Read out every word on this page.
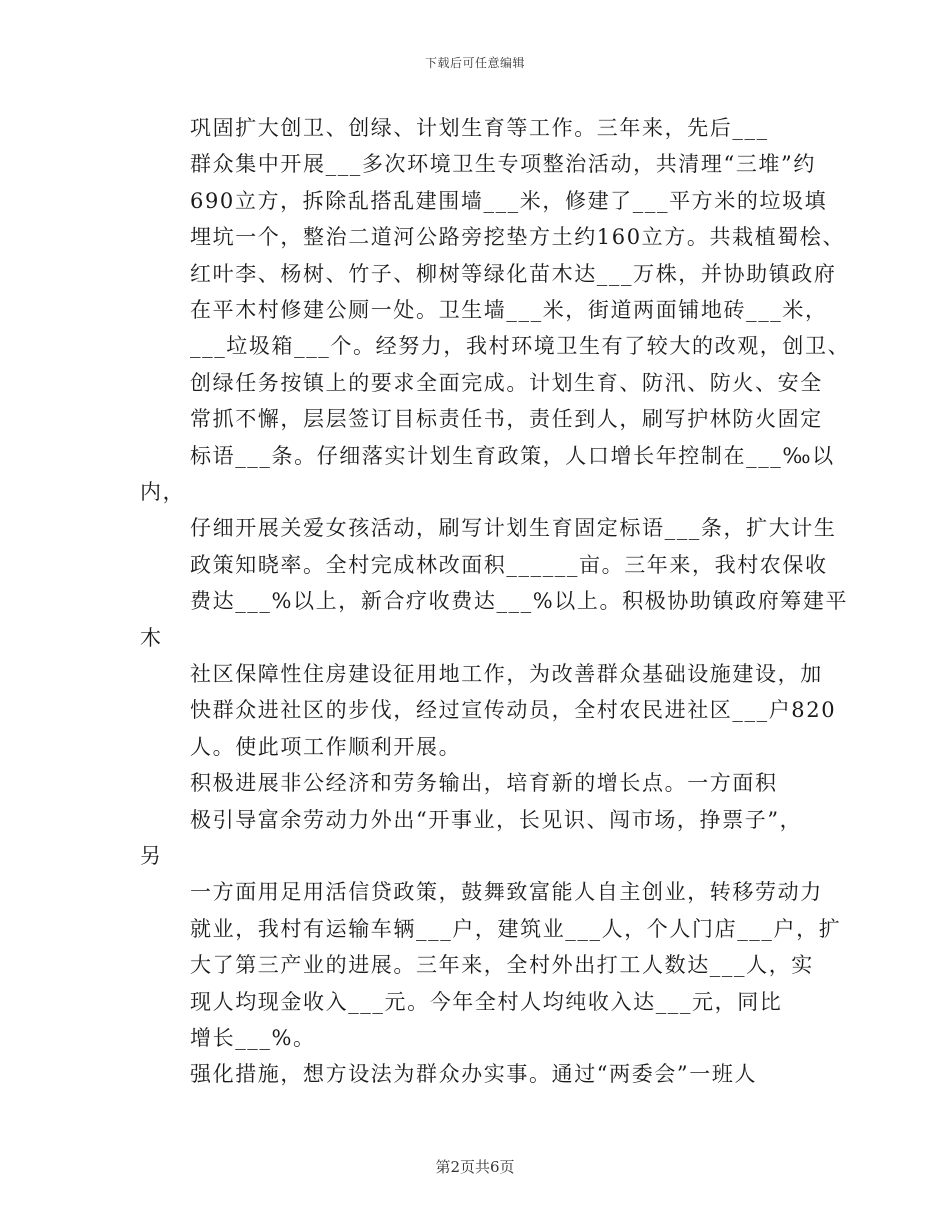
下载后可任意编辑
巩固扩大创卫、创绿、计划生育等工作。三年来，先后___
群众集中开展___多次环境卫生专项整治活动，共清理“三堆”约
690立方，拆除乱搭乱建围墙___米，修建了___平方米的垃圾填
埋坑一个，整治二道河公路旁挖垫方土约160立方。共栽植蜀桧、
红叶李、杨树、竹子、柳树等绿化苗木达___万株，并协助镇政府
在平木村修建公厕一处。卫生墙___米，街道两面铺地砖___米，
___垃圾箱___个。经努力，我村环境卫生有了较大的改观，创卫、
创绿任务按镇上的要求全面完成。计划生育、防汛、防火、安全
常抓不懈，层层签订目标责任书，责任到人，刷写护林防火固定
标语___条。仔细落实计划生育政策，人口增长年控制在___‰以
内，
仔细开展关爱女孩活动，刷写计划生育固定标语___条，扩大计生
政策知晓率。全村完成林改面积______亩。三年来，我村农保收
费达___%以上，新合疗收费达___%以上。积极协助镇政府筹建平
木
社区保障性住房建设征用地工作，为改善群众基础设施建设，加
快群众进社区的步伐，经过宣传动员，全村农民进社区___户820
人。使此项工作顺利开展。
积极进展非公经济和劳务输出，培育新的增长点。一方面积
极引导富余劳动力外出“开事业，长见识、闯市场，挣票子”，
另
一方面用足用活信贷政策，鼓舞致富能人自主创业，转移劳动力
就业，我村有运输车辆___户，建筑业___人，个人门店___户，扩
大了第三产业的进展。三年来，全村外出打工人数达___人，实
现人均现金收入___元。今年全村人均纯收入达___元，同比
增长___%。
强化措施，想方设法为群众办实事。通过“两委会”一班人
第2页共6页
